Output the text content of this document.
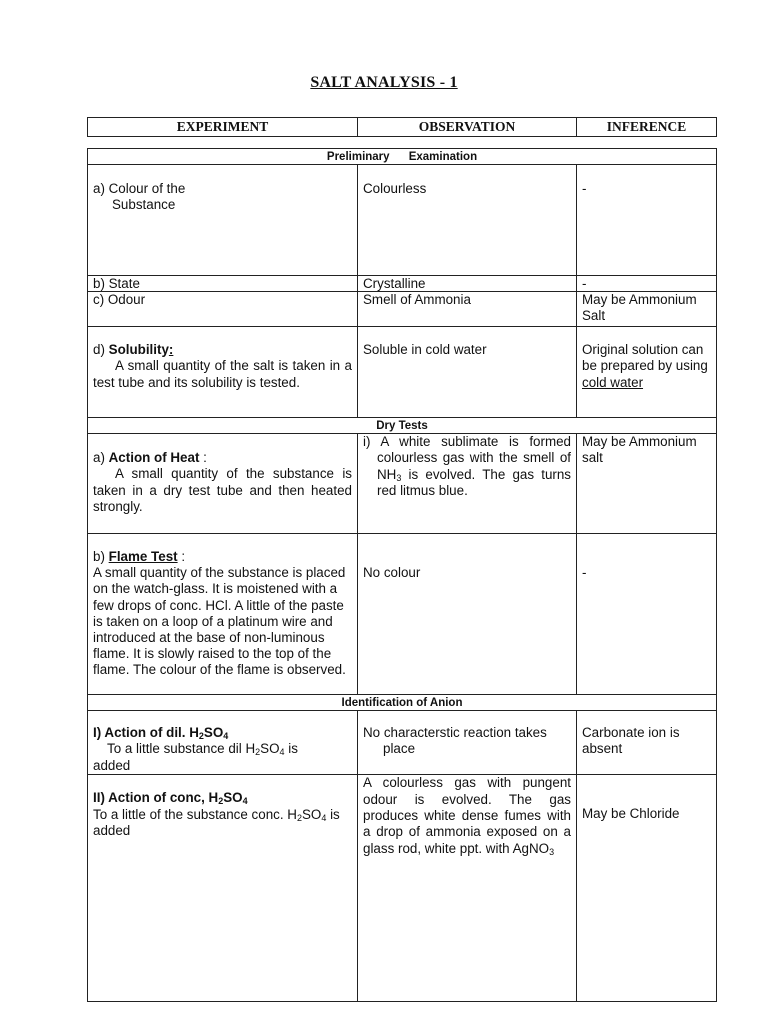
SALT ANALYSIS - 1
EXPERIMENT	OBSERVATION	INFERENCE
Preliminary      Examination		
a) Colour of the

Substance	Colourless	-
b) State	Crystalline	-
c) Odour	Smell of Ammonia	May be Ammonium Salt
d) Solubility:

A small quantity of the salt is taken in a test tube and its solubility is tested.	Soluble in cold water	Original solution can be prepared by using cold water
Dry Tests		
a) Action of Heat :

A small quantity of the substance is taken in a dry test tube and then heated strongly.	i) A white sublimate is formed colourless gas with the smell of $NH_3$ is evolved. The gas turns red litmus blue.	May be Ammonium salt
b) Flame Test :
A small quantity of the substance is placed on the watch-glass. It is moistened with a few drops of conc. HCl. A little of the paste is taken on a loop of a platinum wire and introduced at the base of non-luminous flame. It is slowly raised to the top of the flame. The colour of the flame is observed.	No colour	-
Identification of Anion		
I) Action of dil. $H_2SO_4$
To a little substance dil $H_2SO_4$ is
added	No characterstic reaction takes place	Carbonate ion is absent
II) Action of conc, $H_2SO_4$
To a little of the substance conc. $H_2SO_4$ is added	A colourless gas with pungent odour is evolved. The gas produces white dense fumes with a drop of ammonia exposed on a glass rod, white ppt. with AgNO$_3$	May be Chloride
